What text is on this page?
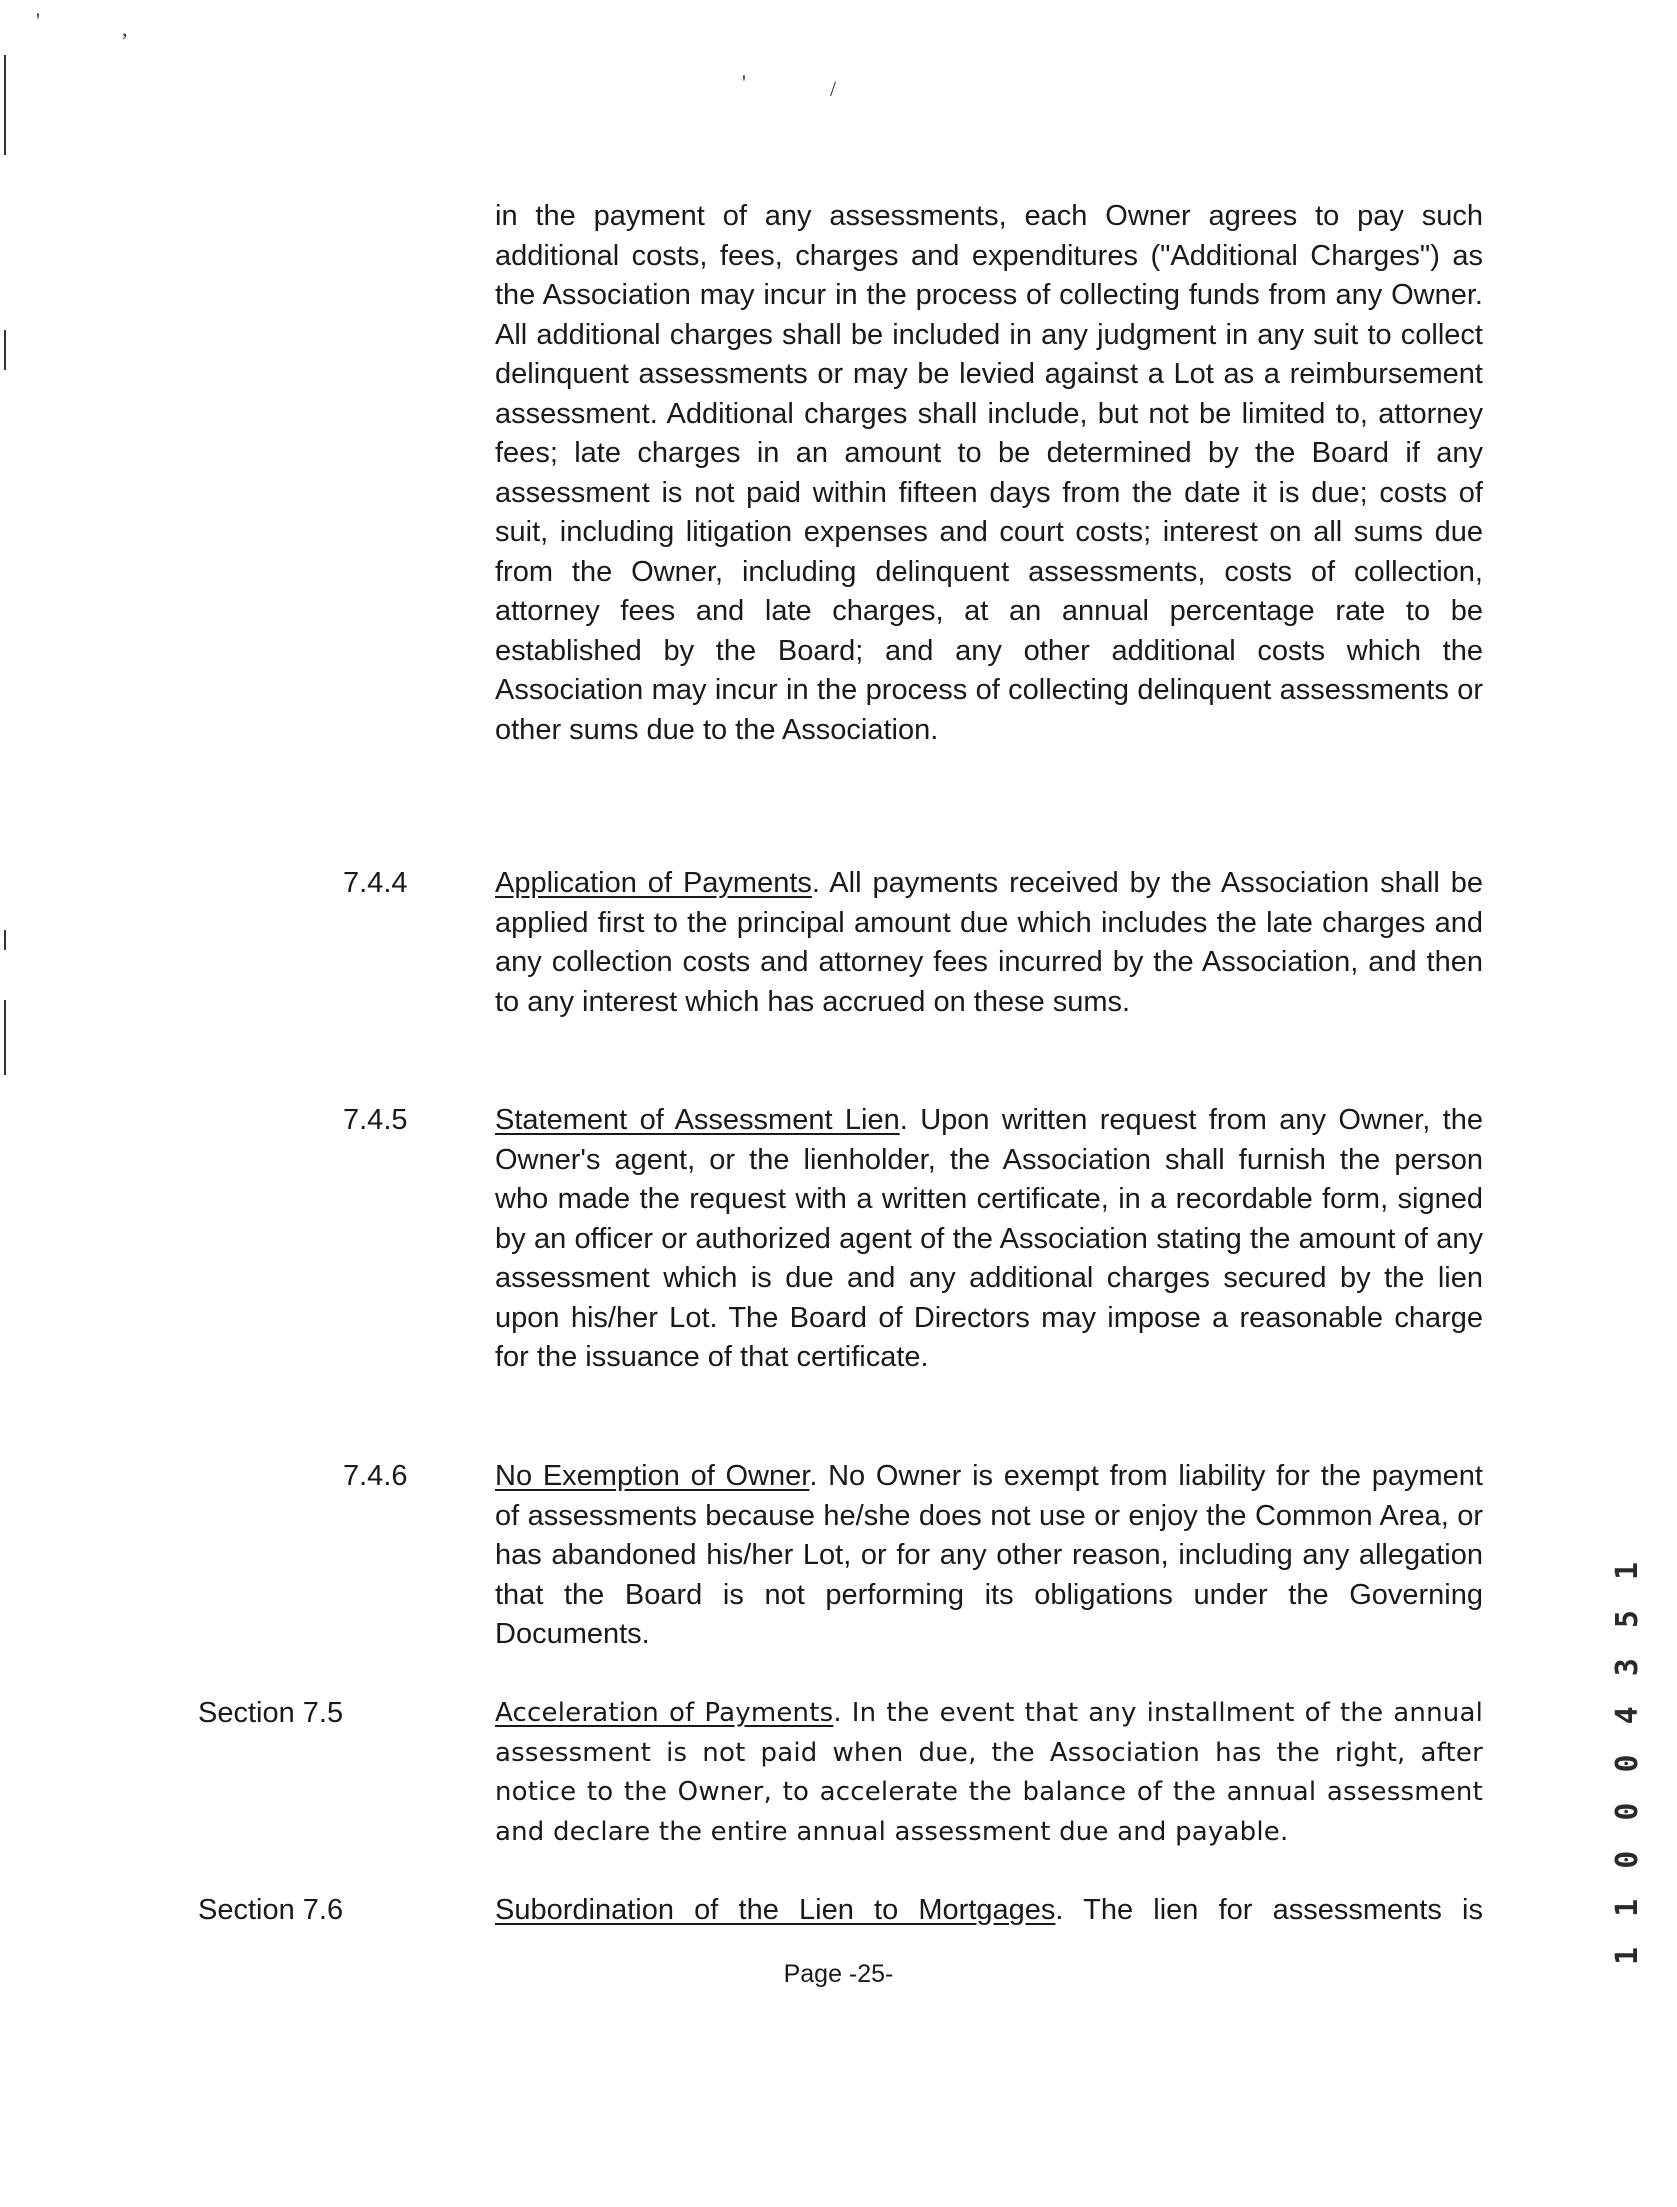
'	,
'	/

in the payment of any assessments, each Owner agrees to pay such additional costs, fees, charges and expenditures ("Additional Charges") as the Association may incur in the process of collecting funds from any Owner. All additional charges shall be included in any judgment in any suit to collect delinquent assessments or may be levied against a Lot as a reimbursement assessment. Additional charges shall include, but not be limited to, attorney fees; late charges in an amount to be determined by the Board if any assessment is not paid within fifteen days from the date it is due; costs of suit, including litigation expenses and court costs; interest on all sums due from the Owner, including delinquent assessments, costs of collection, attorney fees and late charges, at an annual percentage rate to be established by the Board; and any other additional costs which the Association may incur in the process of collecting delinquent assessments or other sums due to the Association.

7.4.4	Application of Payments. All payments received by the Association shall be applied first to the principal amount due which includes the late charges and any collection costs and attorney fees incurred by the Association, and then to any interest which has accrued on these sums.

7.4.5	Statement of Assessment Lien. Upon written request from any Owner, the Owner's agent, or the lienholder, the Association shall furnish the person who made the request with a written certificate, in a recordable form, signed by an officer or authorized agent of the Association stating the amount of any assessment which is due and any additional charges secured by the lien upon his/her Lot. The Board of Directors may impose a reasonable charge for the issuance of that certificate.

7.4.6	No Exemption of Owner. No Owner is exempt from liability for the payment of assessments because he/she does not use or enjoy the Common Area, or has abandoned his/her Lot, or for any other reason, including any allegation that the Board is not performing its obligations under the Governing Documents.

Section 7.5	Acceleration of Payments. In the event that any installment of the annual assessment is not paid when due, the Association has the right, after notice to the Owner, to accelerate the balance of the annual assessment and declare the entire annual assessment due and payable.

Section 7.6	Subordination of the Lien to Mortgages. The lien for assessments is

Page -25-

1 1 0 0 0 4 3 5 1
